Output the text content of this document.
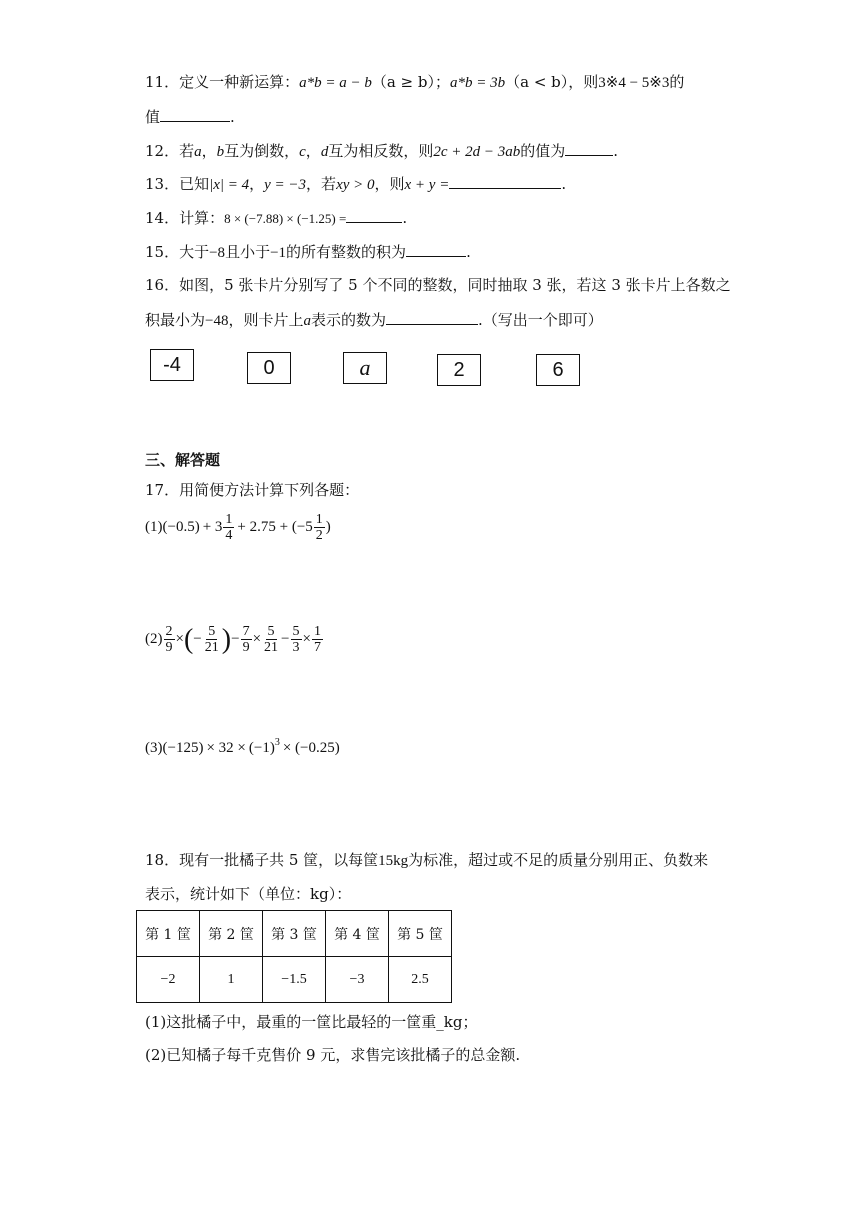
11．定义一种新运算：a*b = a − b（a ≥ b）；a*b = 3b（a < b），则3※4 − 5※3的
值	.
12．若a，b互为倒数，c，d互为相反数，则2c + 2d − 3ab的值为	.
13．已知|x| = 4，y = −3，若xy > 0，则x + y =	.
14．计算：8 × (−7.88) × (−1.25) =	.
15．大于−8且小于−1的所有整数的积为	.
16．如图，5 张卡片分别写了 5 个不同的整数，同时抽取 3 张，若这 3 张卡片上各数之
积最小为−48，则卡片上a表示的数为	.（写出一个即可）
-4	0	a	2	6
三、解答题
17．用简便方法计算下列各题：
(1) $(-0.5) + 3 \frac{1}{4} + 2.75 + (-5 \frac{1}{2}$ )
$(2) \frac{2}{9}$ × ( − $\frac{5}{21}$ ) − $\frac{7}{9} \times \frac{5}{21} - \frac{5}{3} \times \frac{1}{7}$
(3) $(-125) \times 32 \times (-1)^3 \times (-0.25)$
18．现有一批橘子共 5 筐，以每筐15kg为标准，超过或不足的质量分别用正、负数来
表示，统计如下（单位：kg）：
第 1 筐	第 2 筐	第 3 筐	第 4 筐	第 5 筐
−2	1	−1.5	−3	2.5
(1)这批橘子中，最重的一筐比最轻的一筐重_kg；
(2)已知橘子每千克售价 9 元，求售完该批橘子的总金额.
